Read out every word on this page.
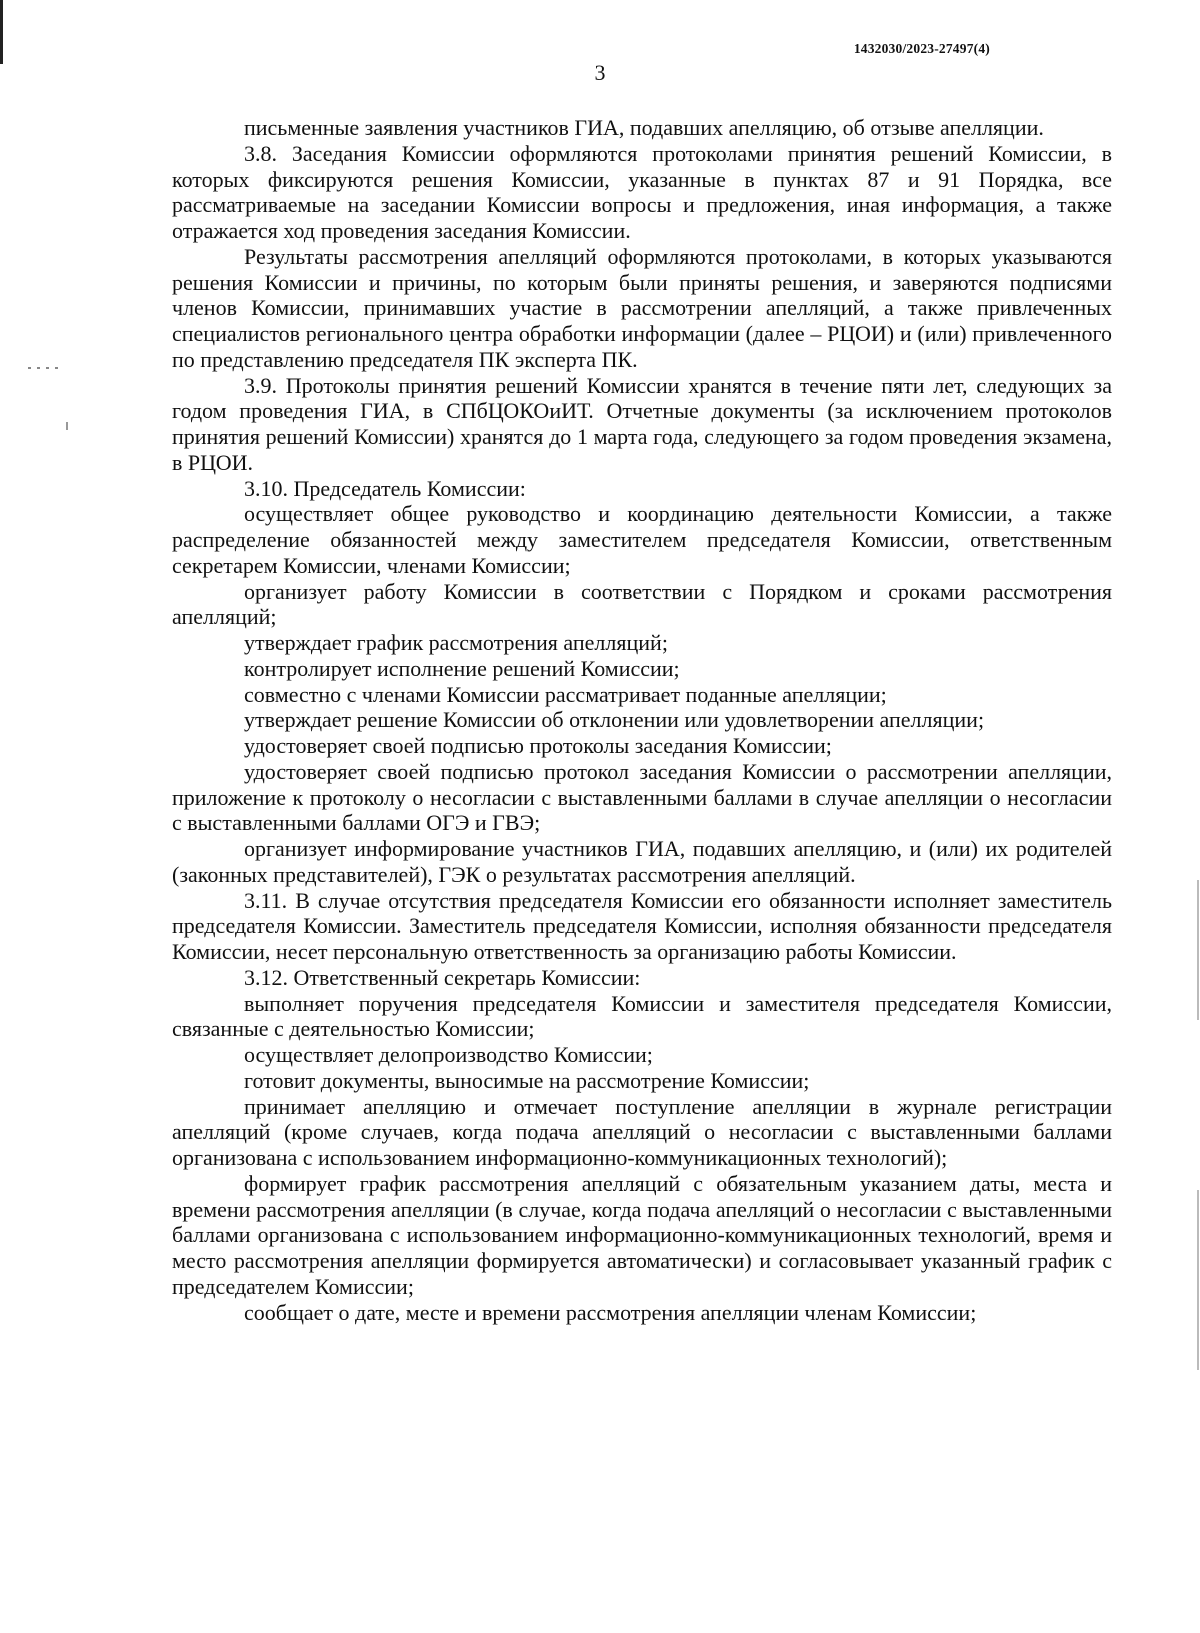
1432030/2023-27497(4)
3

письменные заявления участников ГИА, подавших апелляцию, об отзыве апелляции.

3.8. Заседания Комиссии оформляются протоколами принятия решений Комиссии, в которых фиксируются решения Комиссии, указанные в пунктах 87 и 91 Порядка, все рассматриваемые на заседании Комиссии вопросы и предложения, иная информация, а также отражается ход проведения заседания Комиссии.

Результаты рассмотрения апелляций оформляются протоколами, в которых указываются решения Комиссии и причины, по которым были приняты решения, и заверяются подписями членов Комиссии, принимавших участие в рассмотрении апелляций, а также привлеченных специалистов регионального центра обработки информации (далее – РЦОИ) и (или) привлеченного по представлению председателя ПК эксперта ПК.

3.9. Протоколы принятия решений Комиссии хранятся в течение пяти лет, следующих за годом проведения ГИА, в СПбЦОКОиИТ. Отчетные документы (за исключением протоколов принятия решений Комиссии) хранятся до 1 марта года, следующего за годом проведения экзамена, в РЦОИ.

3.10. Председатель Комиссии:

осуществляет общее руководство и координацию деятельности Комиссии, а также распределение обязанностей между заместителем председателя Комиссии, ответственным секретарем Комиссии, членами Комиссии;

организует работу Комиссии в соответствии с Порядком и сроками рассмотрения апелляций;

утверждает график рассмотрения апелляций;

контролирует исполнение решений Комиссии;

совместно с членами Комиссии рассматривает поданные апелляции;

утверждает решение Комиссии об отклонении или удовлетворении апелляции;

удостоверяет своей подписью протоколы заседания Комиссии;

удостоверяет своей подписью протокол заседания Комиссии о рассмотрении апелляции, приложение к протоколу о несогласии с выставленными баллами в случае апелляции о несогласии с выставленными баллами ОГЭ и ГВЭ;

организует информирование участников ГИА, подавших апелляцию, и (или) их родителей (законных представителей), ГЭК о результатах рассмотрения апелляций.

3.11. В случае отсутствия председателя Комиссии его обязанности исполняет заместитель председателя Комиссии. Заместитель председателя Комиссии, исполняя обязанности председателя Комиссии, несет персональную ответственность за организацию работы Комиссии.

3.12. Ответственный секретарь Комиссии:

выполняет поручения председателя Комиссии и заместителя председателя Комиссии, связанные с деятельностью Комиссии;

осуществляет делопроизводство Комиссии;

готовит документы, выносимые на рассмотрение Комиссии;

принимает апелляцию и отмечает поступление апелляции в журнале регистрации апелляций (кроме случаев, когда подача апелляций о несогласии с выставленными баллами организована с использованием информационно-коммуникационных технологий);

формирует график рассмотрения апелляций с обязательным указанием даты, места и времени рассмотрения апелляции (в случае, когда подача апелляций о несогласии с выставленными баллами организована с использованием информационно-коммуникационных технологий, время и место рассмотрения апелляции формируется автоматически) и согласовывает указанный график с председателем Комиссии;

сообщает о дате, месте и времени рассмотрения апелляции членам Комиссии;
